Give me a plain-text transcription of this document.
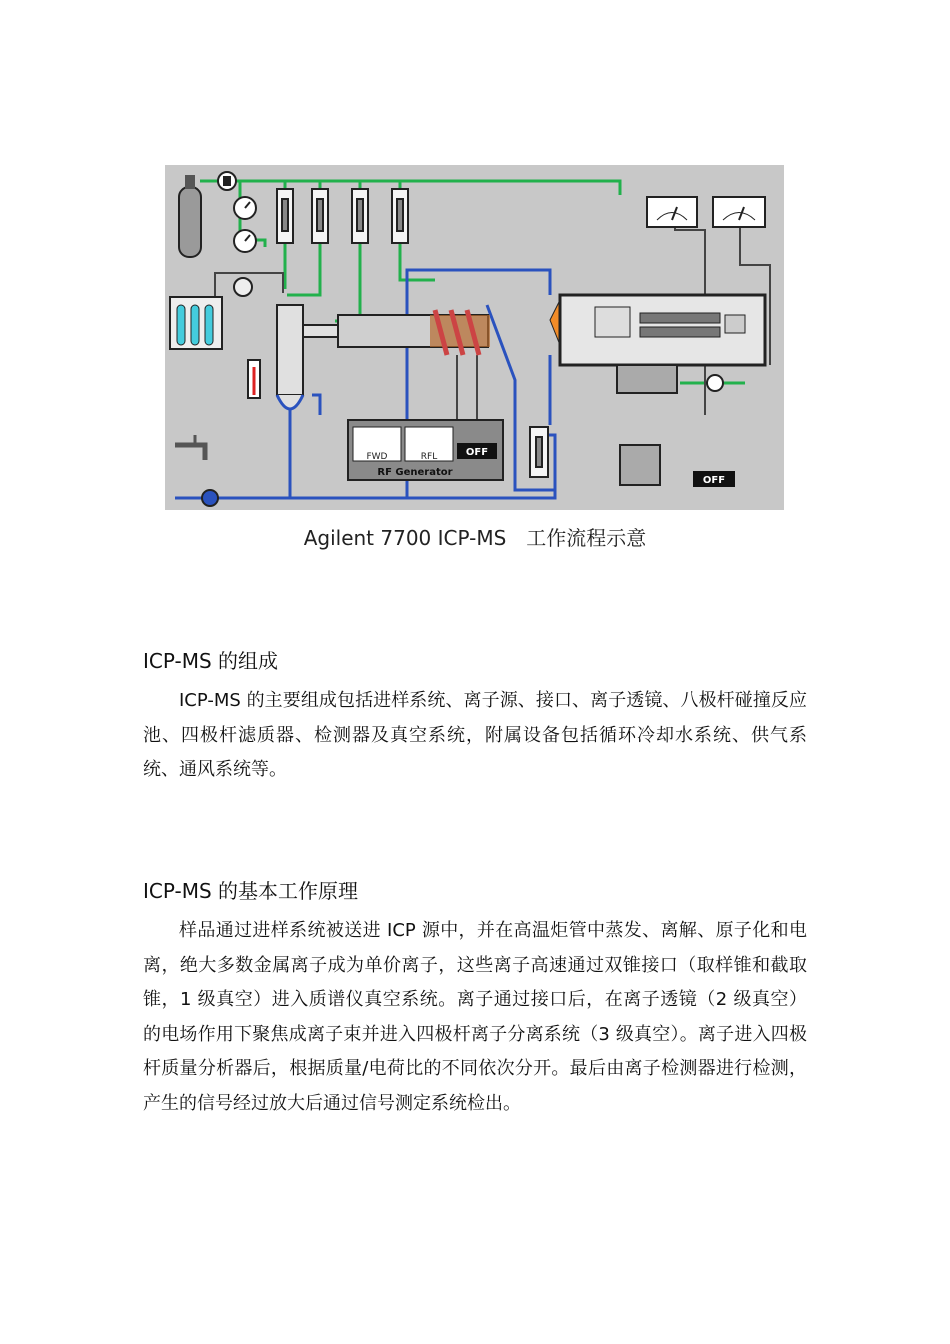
FWD	RFL	OFF
RF Generator
OFF
Agilent 7700 ICP-MS　工作流程示意
ICP-MS 的组成

ICP-MS 的主要组成包括进样系统、离子源、接口、离子透镜、八极杆碰撞反应池、四极杆滤质器、检测器及真空系统，附属设备包括循环冷却水系统、供气系统、通风系统等。

ICP-MS 的基本工作原理

样品通过进样系统被送进 ICP 源中，并在高温炬管中蒸发、离解、原子化和电离，绝大多数金属离子成为单价离子，这些离子高速通过双锥接口（取样锥和截取锥，1 级真空）进入质谱仪真空系统。离子通过接口后，在离子透镜（2 级真空）的电场作用下聚焦成离子束并进入四极杆离子分离系统（3 级真空）。离子进入四极杆质量分析器后，根据质量/电荷比的不同依次分开。最后由离子检测器进行检测，产生的信号经过放大后通过信号测定系统检出。
